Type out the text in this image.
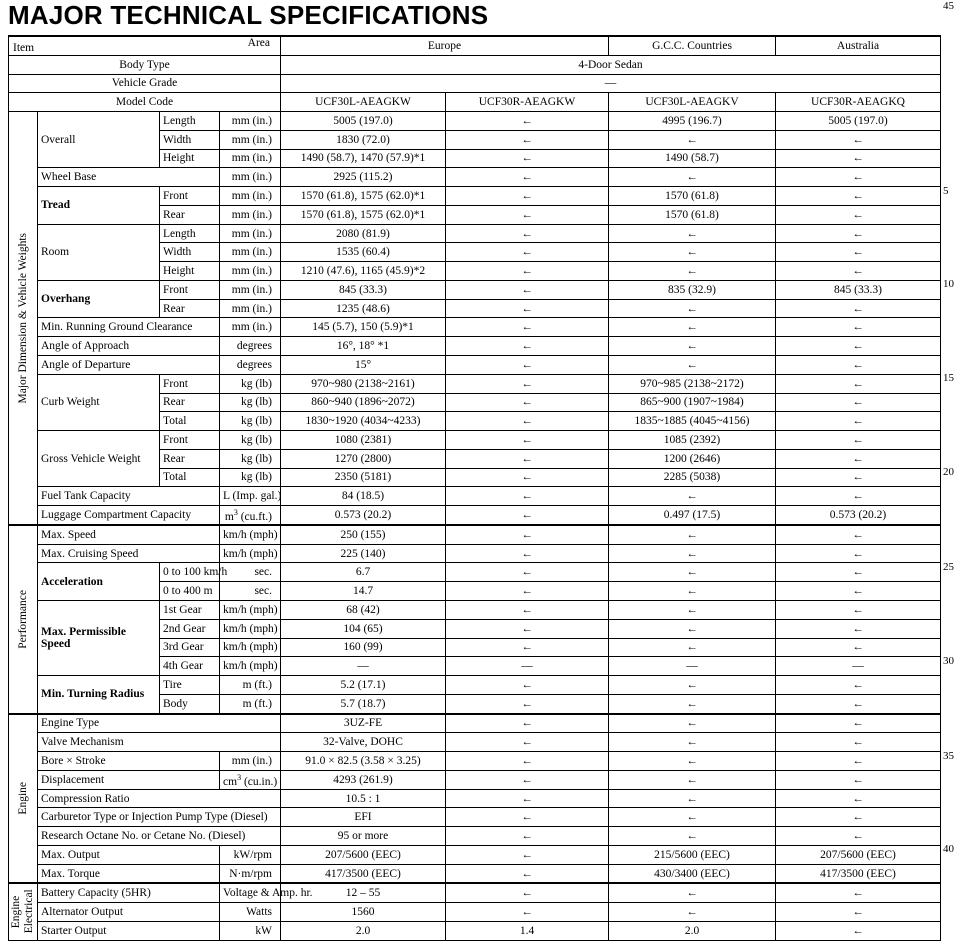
MAJOR TECHNICAL SPECIFICATIONS
Area
Item				Europe		G.C.C. Countries	Australia
Body Type				4-Door Sedan			
Vehicle Grade				—			
Model Code				UCF30L-AEAGKW	UCF30R-AEAGKW	UCF30L-AEAGKV	UCF30R-AEAGKQ

Major Dimension & Vehicle Weights	Overall	Length	mm (in.)	5005 (197.0)	←	4995 (196.7)	5005 (197.0)
		Width	mm (in.)	1830 (72.0)	←	←	←
		Height	mm (in.)	1490 (58.7), 1470 (57.9)*1	←	1490 (58.7)	←
	Wheel Base		mm (in.)	2925 (115.2)	←	←	←
	Tread	Front	mm (in.)	1570 (61.8), 1575 (62.0)*1	←	1570 (61.8)	←
		Rear	mm (in.)	1570 (61.8), 1575 (62.0)*1	←	1570 (61.8)	←
	Room	Length	mm (in.)	2080 (81.9)	←	←	←
		Width	mm (in.)	1535 (60.4)	←	←	←
		Height	mm (in.)	1210 (47.6), 1165 (45.9)*2	←	←	←
	Overhang	Front	mm (in.)	845 (33.3)	←	835 (32.9)	845 (33.3)
		Rear	mm (in.)	1235 (48.6)	←	←	←
	Min. Running Ground Clearance		mm (in.)	145 (5.7), 150 (5.9)*1	←	←	←
	Angle of Approach		degrees	16°, 18° *1	←	←	←
	Angle of Departure		degrees	15°	←	←	←
	Curb Weight	Front	kg (lb)	970~980 (2138~2161)	←	970~985 (2138~2172)	←
		Rear	kg (lb)	860~940 (1896~2072)	←	865~900 (1907~1984)	←
		Total	kg (lb)	1830~1920 (4034~4233)	←	1835~1885 (4045~4156)	←
	Gross Vehicle Weight	Front	kg (lb)	1080 (2381)	←	1085 (2392)	←
		Rear	kg (lb)	1270 (2800)	←	1200 (2646)	←
		Total	kg (lb)	2350 (5181)	←	2285 (5038)	←
	Fuel Tank Capacity		L (Imp. gal.)	84 (18.5)	←	←	←
	Luggage Compartment Capacity		$m^3$ (cu.ft.)	0.573 (20.2)	←	0.497 (17.5)	0.573 (20.2)

Performance	Max. Speed		km/h (mph)	250 (155)	←	←	←
	Max. Cruising Speed		km/h (mph)	225 (140)	←	←	←
	Acceleration	0 to 100 km/h	sec.	6.7	←	←	←
		0 to 400 m	sec.	14.7	←	←	←
	Max. Permissible Speed	1st Gear	km/h (mph)	68 (42)	←	←	←
		2nd Gear	km/h (mph)	104 (65)	←	←	←
		3rd Gear	km/h (mph)	160 (99)	←	←	←
		4th Gear	km/h (mph)	—	—	—	—
	Min. Turning Radius	Tire	m (ft.)	5.2 (17.1)	←	←	←
		Body	m (ft.)	5.7 (18.7)	←	←	←

Engine	Engine Type			3UZ-FE	←	←	←
	Valve Mechanism			32-Valve, DOHC	←	←	←
	Bore × Stroke		mm (in.)	91.0 × 82.5 (3.58 × 3.25)	←	←	←
	Displacement		$cm^3$ (cu.in.)	4293 (261.9)	←	←	←
	Compression Ratio			10.5 : 1	←	←	←
	Carburetor Type or Injection Pump Type (Diesel)			EFI	←	←	←
	Research Octane No. or Cetane No. (Diesel)			95 or more	←	←	←
	Max. Output		kW/rpm	207/5600 (EEC)	←	215/5600 (EEC)	207/5600 (EEC)
	Max. Torque		N·m/rpm	417/3500 (EEC)	←	430/3400 (EEC)	417/3500 (EEC)

Engine Electrical	Battery Capacity (5HR)		Voltage & Amp. hr.	12 – 55	←	←	←
	Alternator Output		Watts	1560	←	←	←
	Starter Output		kW	2.0	1.4	2.0	←
5
10
15
20
25
30
35
40
45
